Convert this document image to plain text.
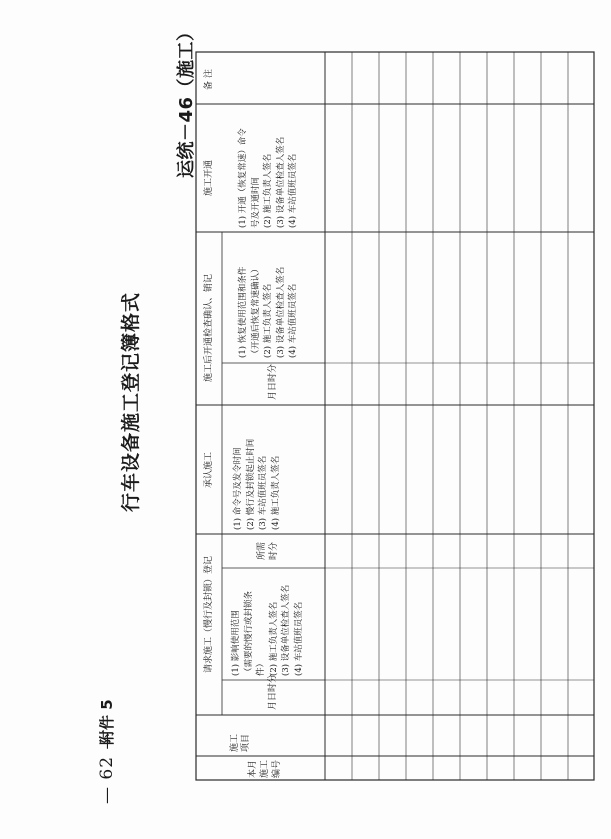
— 62 —
附件 5
行车设备施工登记簿格式
运统－46（施工）
请求施工（慢行及封锁）登记
承认施工
施工后开通检查确认、销记
施工开通
备 注
本月 施工 编号
施工
项目
月日时分
所需 时分
月日时分
(1) 影响使用范围 （需要的慢行或封锁条 件） (2) 施工负责人签名 (3) 设备单位检查人签名 (4) 车站值班员签名
(1) 命令号及发令时间 (2) 慢行及封锁起止时间 (3) 车站值班员签名 (4) 施工负责人签名
(1) 恢复使用范围和条件 （开通后恢复常速确认） (2) 施工负责人签名 (3) 设备单位检查人签名 (4) 车站值班员签名
(1) 开通（恢复常速）命令 号及开通时间 (2) 施工负责人签名 (3) 设备单位检查人签名 (4) 车站值班员签名
